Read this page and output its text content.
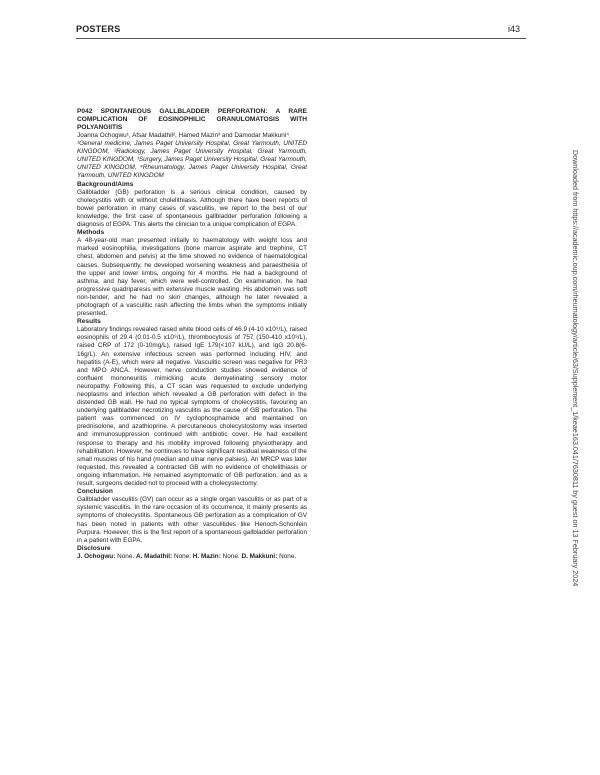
POSTERS	i43

P042 SPONTANEOUS GALLBLADDER PERFORATION: A RARE COMPLICATION OF EOSINOPHILIC GRANULOMATOSIS WITH POLYANGIITIS

Joanna Ochogwu¹, Afsar Madathil², Hamed Mazin³ and Damodar Makkuni⁴

¹General medicine, James Paget University Hospital, Great Yarmouth, UNITED KINGDOM, ²Radiology, James Paget University Hospital, Great Yarmouth, UNITED KINGDOM, ³Surgery, James Paget University Hospital, Great Yarmouth, UNITED KINGDOM, ⁴Rheumatology, James Paget University Hospital, Great Yarmouth, UNITED KINGDOM

Background/Aims

Gallbladder (GB) perforation is a serious clinical condition, caused by cholecystitis with or without cholelithiasis. Although there have been reports of bowel perforation in many cases of vasculitis, we report to the best of our knowledge, the first case of spontaneous gallbladder perforation following a diagnosis of EGPA. This alerts the clinician to a unique complication of EGPA.

Methods

A 48-year-old man presented initially to haematology with weight loss and marked eosinophilia, investigations (bone marrow aspirate and trephine, CT chest, abdomen and pelvis) at the time showed no evidence of haematological causes. Subsequently, he developed worsening weakness and paraesthesia of the upper and lower limbs, ongoing for 4 months. He had a background of asthma, and hay fever, which were well-controlled. On examination, he had progressive quadriparesis with extensive muscle wasting. His abdomen was soft non-tender, and he had no skin changes, although he later revealed a photograph of a vasculitic rash affecting the limbs when the symptoms initially presented.

Results

Laboratory findings revealed raised white blood cells of 46.9 (4-10 x10⁹/L), raised eosinophils of 29.4 (0.01-0.5 x10⁹/L), thrombocytosis of 757 (150-410 x10⁹/L), raised CRP of 172 (0-10mg/L), raised IgE 179(<107 kU/L), and IgG 20.8(6-16g/L). An extensive infectious screen was performed including HIV, and hepatitis (A-E), which were all negative. Vasculitic screen was negative for PR3 and MPO ANCA. However, nerve conduction studies showed evidence of confluent mononeuritis mimicking acute demyelinating sensory motor neuropathy. Following this, a CT scan was requested to exclude underlying neoplasms and infection which revealed a GB perforation with defect in the distended GB wall. He had no typical symptoms of cholecystitis, favouring an underlying gallbladder necrotizing vasculitis as the cause of GB perforation. The patient was commenced on IV cyclophosphamide and maintained on prednisolone, and azathioprine. A percutaneous cholecystostomy was inserted and immunosuppression continued with antibiotic cover. He had excellent response to therapy and his mobility improved following physiotherapy and rehabilitation. However, he continues to have significant residual weakness of the small muscles of his hand (median and ulnar nerve palsies). An MRCP was later requested, this revealed a contracted GB with no evidence of cholelithiasis or ongoing inflammation. He remained asymptomatic of GB perforation, and as a result, surgeons decided not to proceed with a cholecystectomy.

Conclusion

Gallbladder vasculitis (GV) can occur as a single organ vasculitis or as part of a systemic vasculitis. In the rare occasion of its occurrence, it mainly presents as symptoms of cholecystitis. Spontaneous GB perforation as a complication of GV has been noted in patients with other vasculitides like Henoch-Schonlein Purpura. However, this is the first report of a spontaneous gallbladder perforation in a patient with EGPA.

Disclosure

J. Ochogwu: None. A. Madathil: None. H. Mazin: None. D. Makkuni: None.	Downloaded from https://academic.oup.com/rheumatology/article/63/Supplement_1/keae163.041/7630811 by guest on 13 February 2024
